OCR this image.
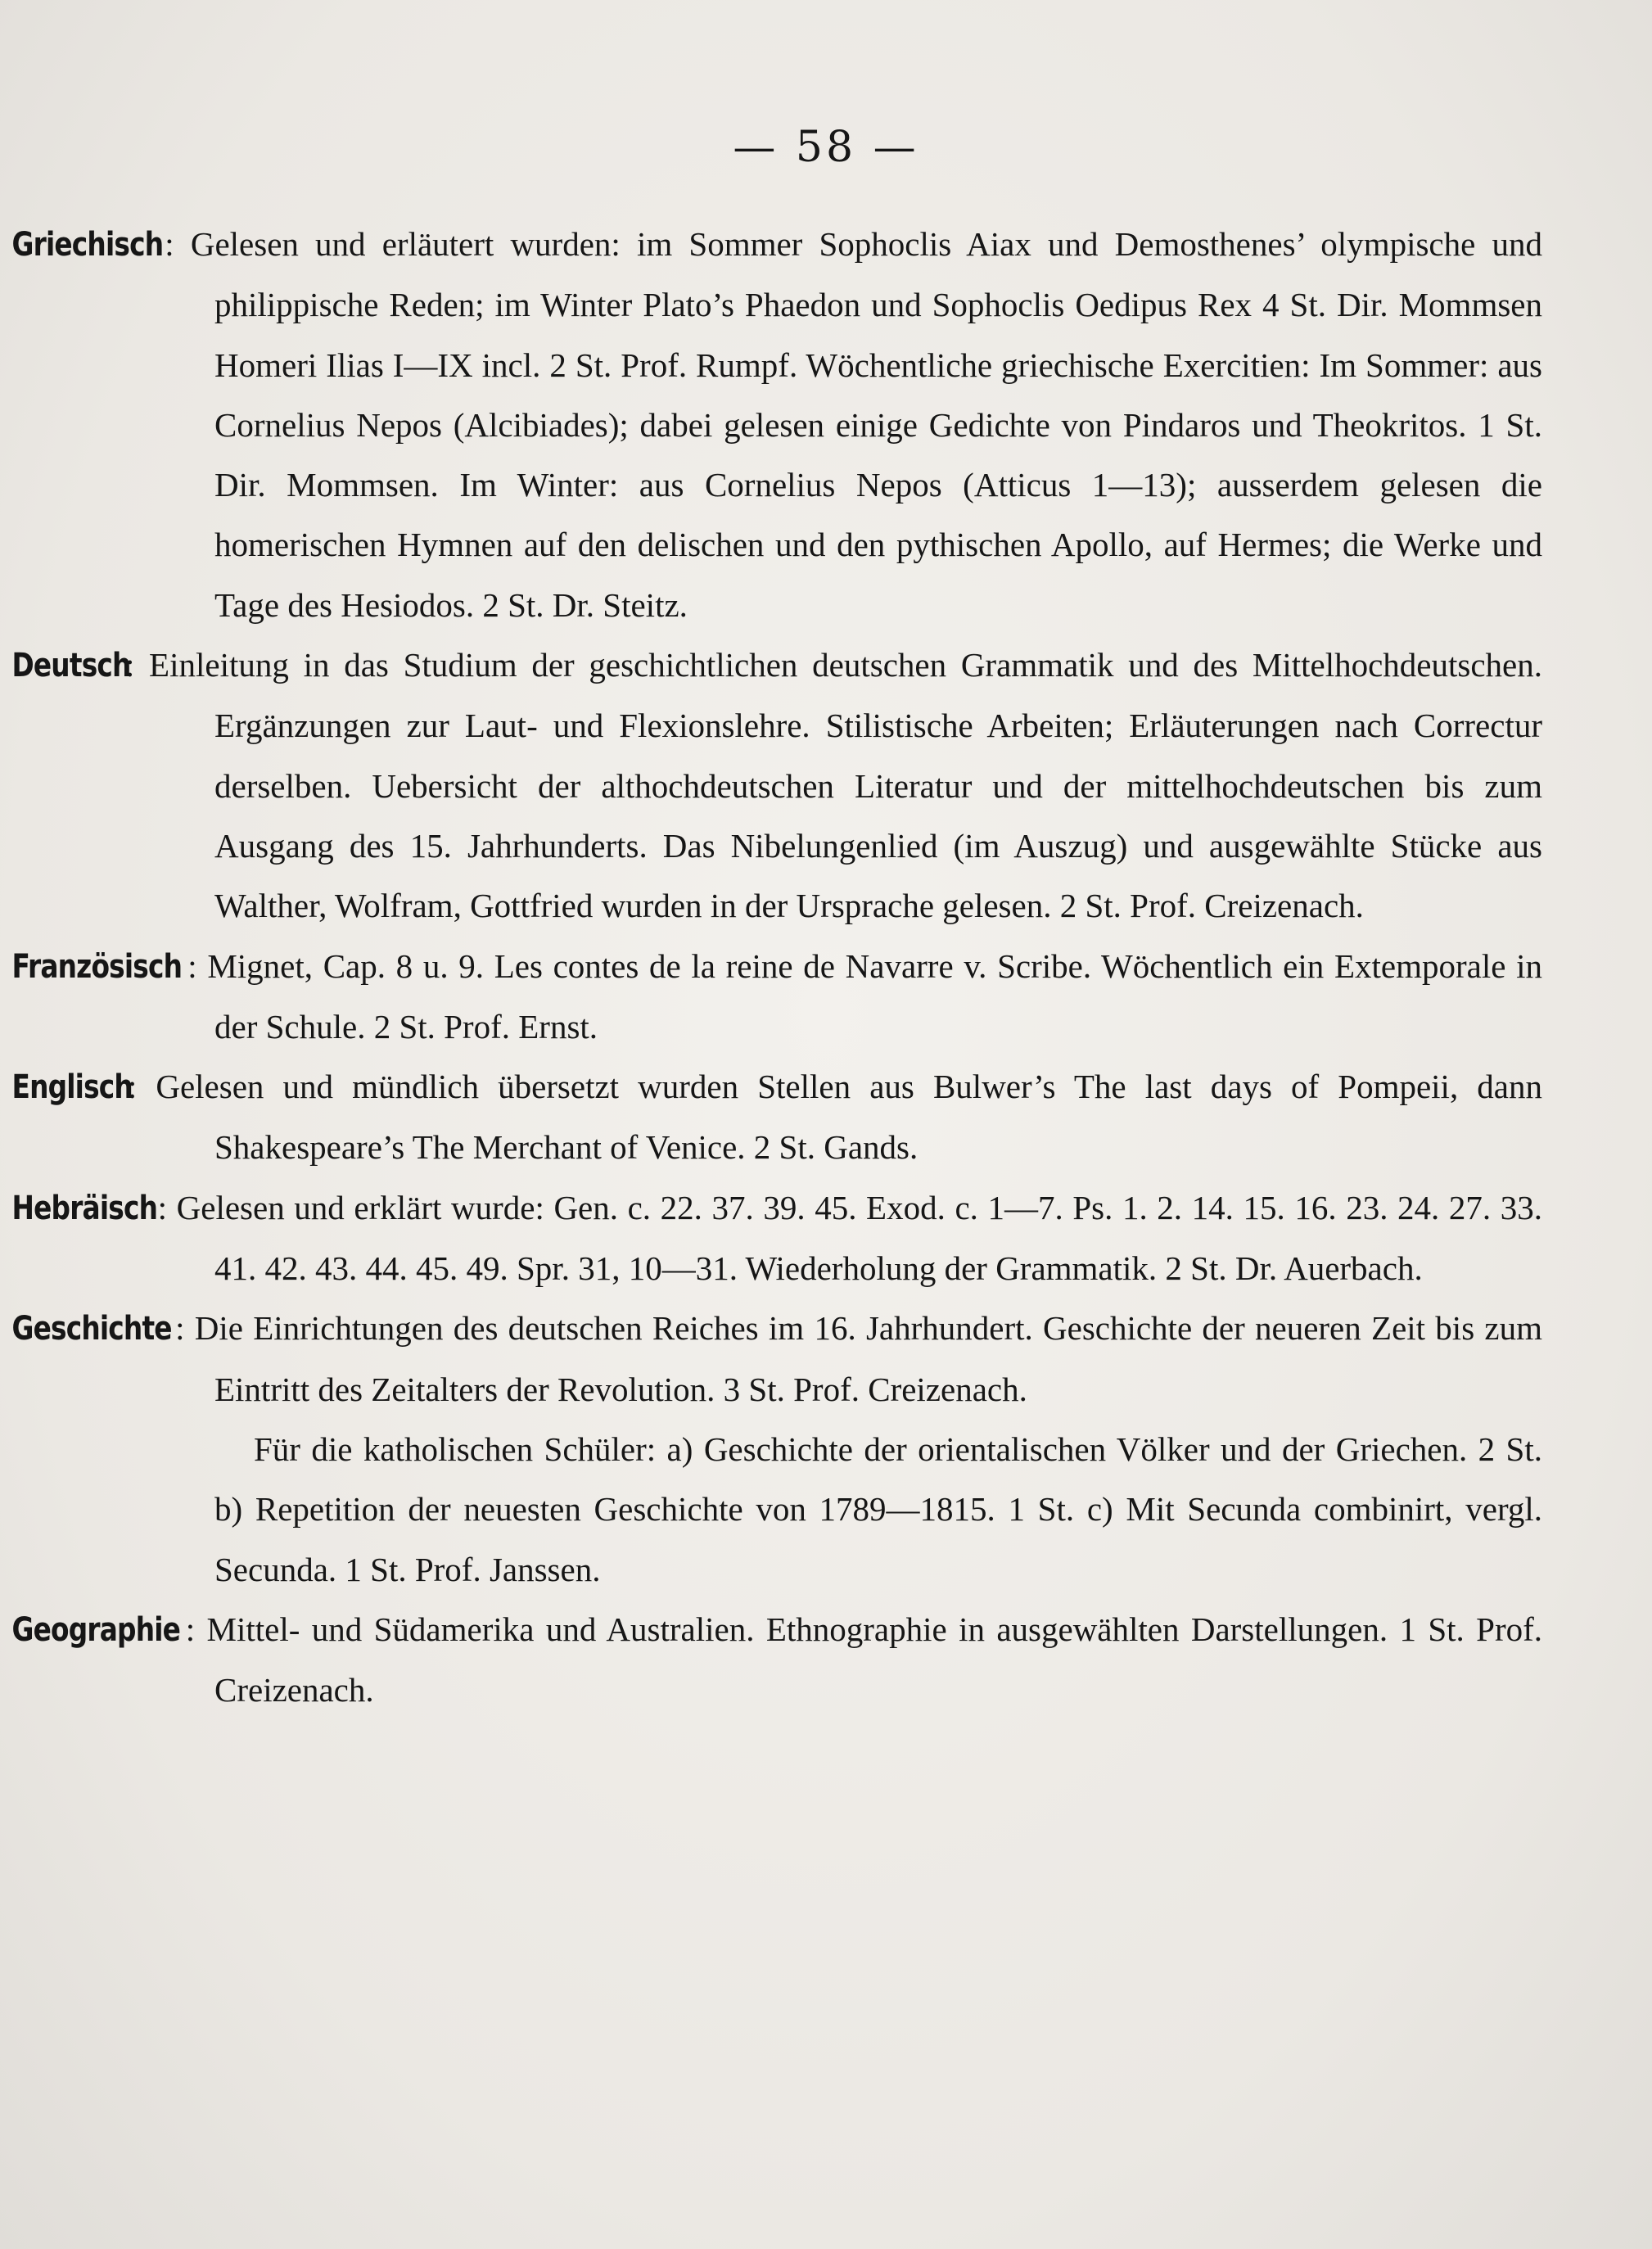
— 58 —

Griechisch: Gelesen und erläutert wurden: im Sommer Sophoclis Aiax und Demosthenes’ olympische und philippische Reden; im Winter Plato’s Phaedon und Sophoclis Oedipus Rex 4 St. Dir. Mommsen Homeri Ilias I—IX incl. 2 St. Prof. Rumpf. Wöchentliche griechische Exercitien: Im Sommer: aus Cornelius Nepos (Alcibiades); dabei gelesen einige Gedichte von Pindaros und Theokritos. 1 St. Dir. Mommsen. Im Winter: aus Cornelius Nepos (Atticus 1—13); ausserdem gelesen die homerischen Hymnen auf den delischen und den pythischen Apollo, auf Hermes; die Werke und Tage des Hesiodos. 2 St. Dr. Steitz.

Deutsch: Einleitung in das Studium der geschichtlichen deutschen Grammatik und des Mittelhochdeutschen. Ergänzungen zur Laut- und Flexionslehre. Stilistische Arbeiten; Erläuterungen nach Correctur derselben. Uebersicht der althochdeutschen Literatur und der mittelhochdeutschen bis zum Ausgang des 15. Jahrhunderts. Das Nibelungenlied (im Auszug) und ausgewählte Stücke aus Walther, Wolfram, Gottfried wurden in der Ursprache gelesen. 2 St. Prof. Creizenach.

Französisch : Mignet, Cap. 8 u. 9. Les contes de la reine de Navarre v. Scribe. Wöchentlich ein Extemporale in der Schule. 2 St. Prof. Ernst.

Englisch: Gelesen und mündlich übersetzt wurden Stellen aus Bulwer’s The last days of Pompeii, dann Shakespeare’s The Merchant of Venice. 2 St. Gands.

Hebräisch: Gelesen und erklärt wurde: Gen. c. 22. 37. 39. 45. Exod. c. 1—7. Ps. 1. 2. 14. 15. 16. 23. 24. 27. 33. 41. 42. 43. 44. 45. 49. Spr. 31, 10—31. Wiederholung der Grammatik. 2 St. Dr. Auerbach.

Geschichte : Die Einrichtungen des deutschen Reiches im 16. Jahrhundert. Geschichte der neueren Zeit bis zum Eintritt des Zeitalters der Revolution. 3 St. Prof. Creizenach.

Für die katholischen Schüler: a) Geschichte der orientalischen Völker und der Griechen. 2 St. b) Repetition der neuesten Geschichte von 1789—1815. 1 St. c) Mit Secunda combinirt, vergl. Secunda. 1 St. Prof. Janssen.

Geographie : Mittel- und Südamerika und Australien. Ethnographie in ausgewählten Darstellungen. 1 St. Prof. Creizenach.
